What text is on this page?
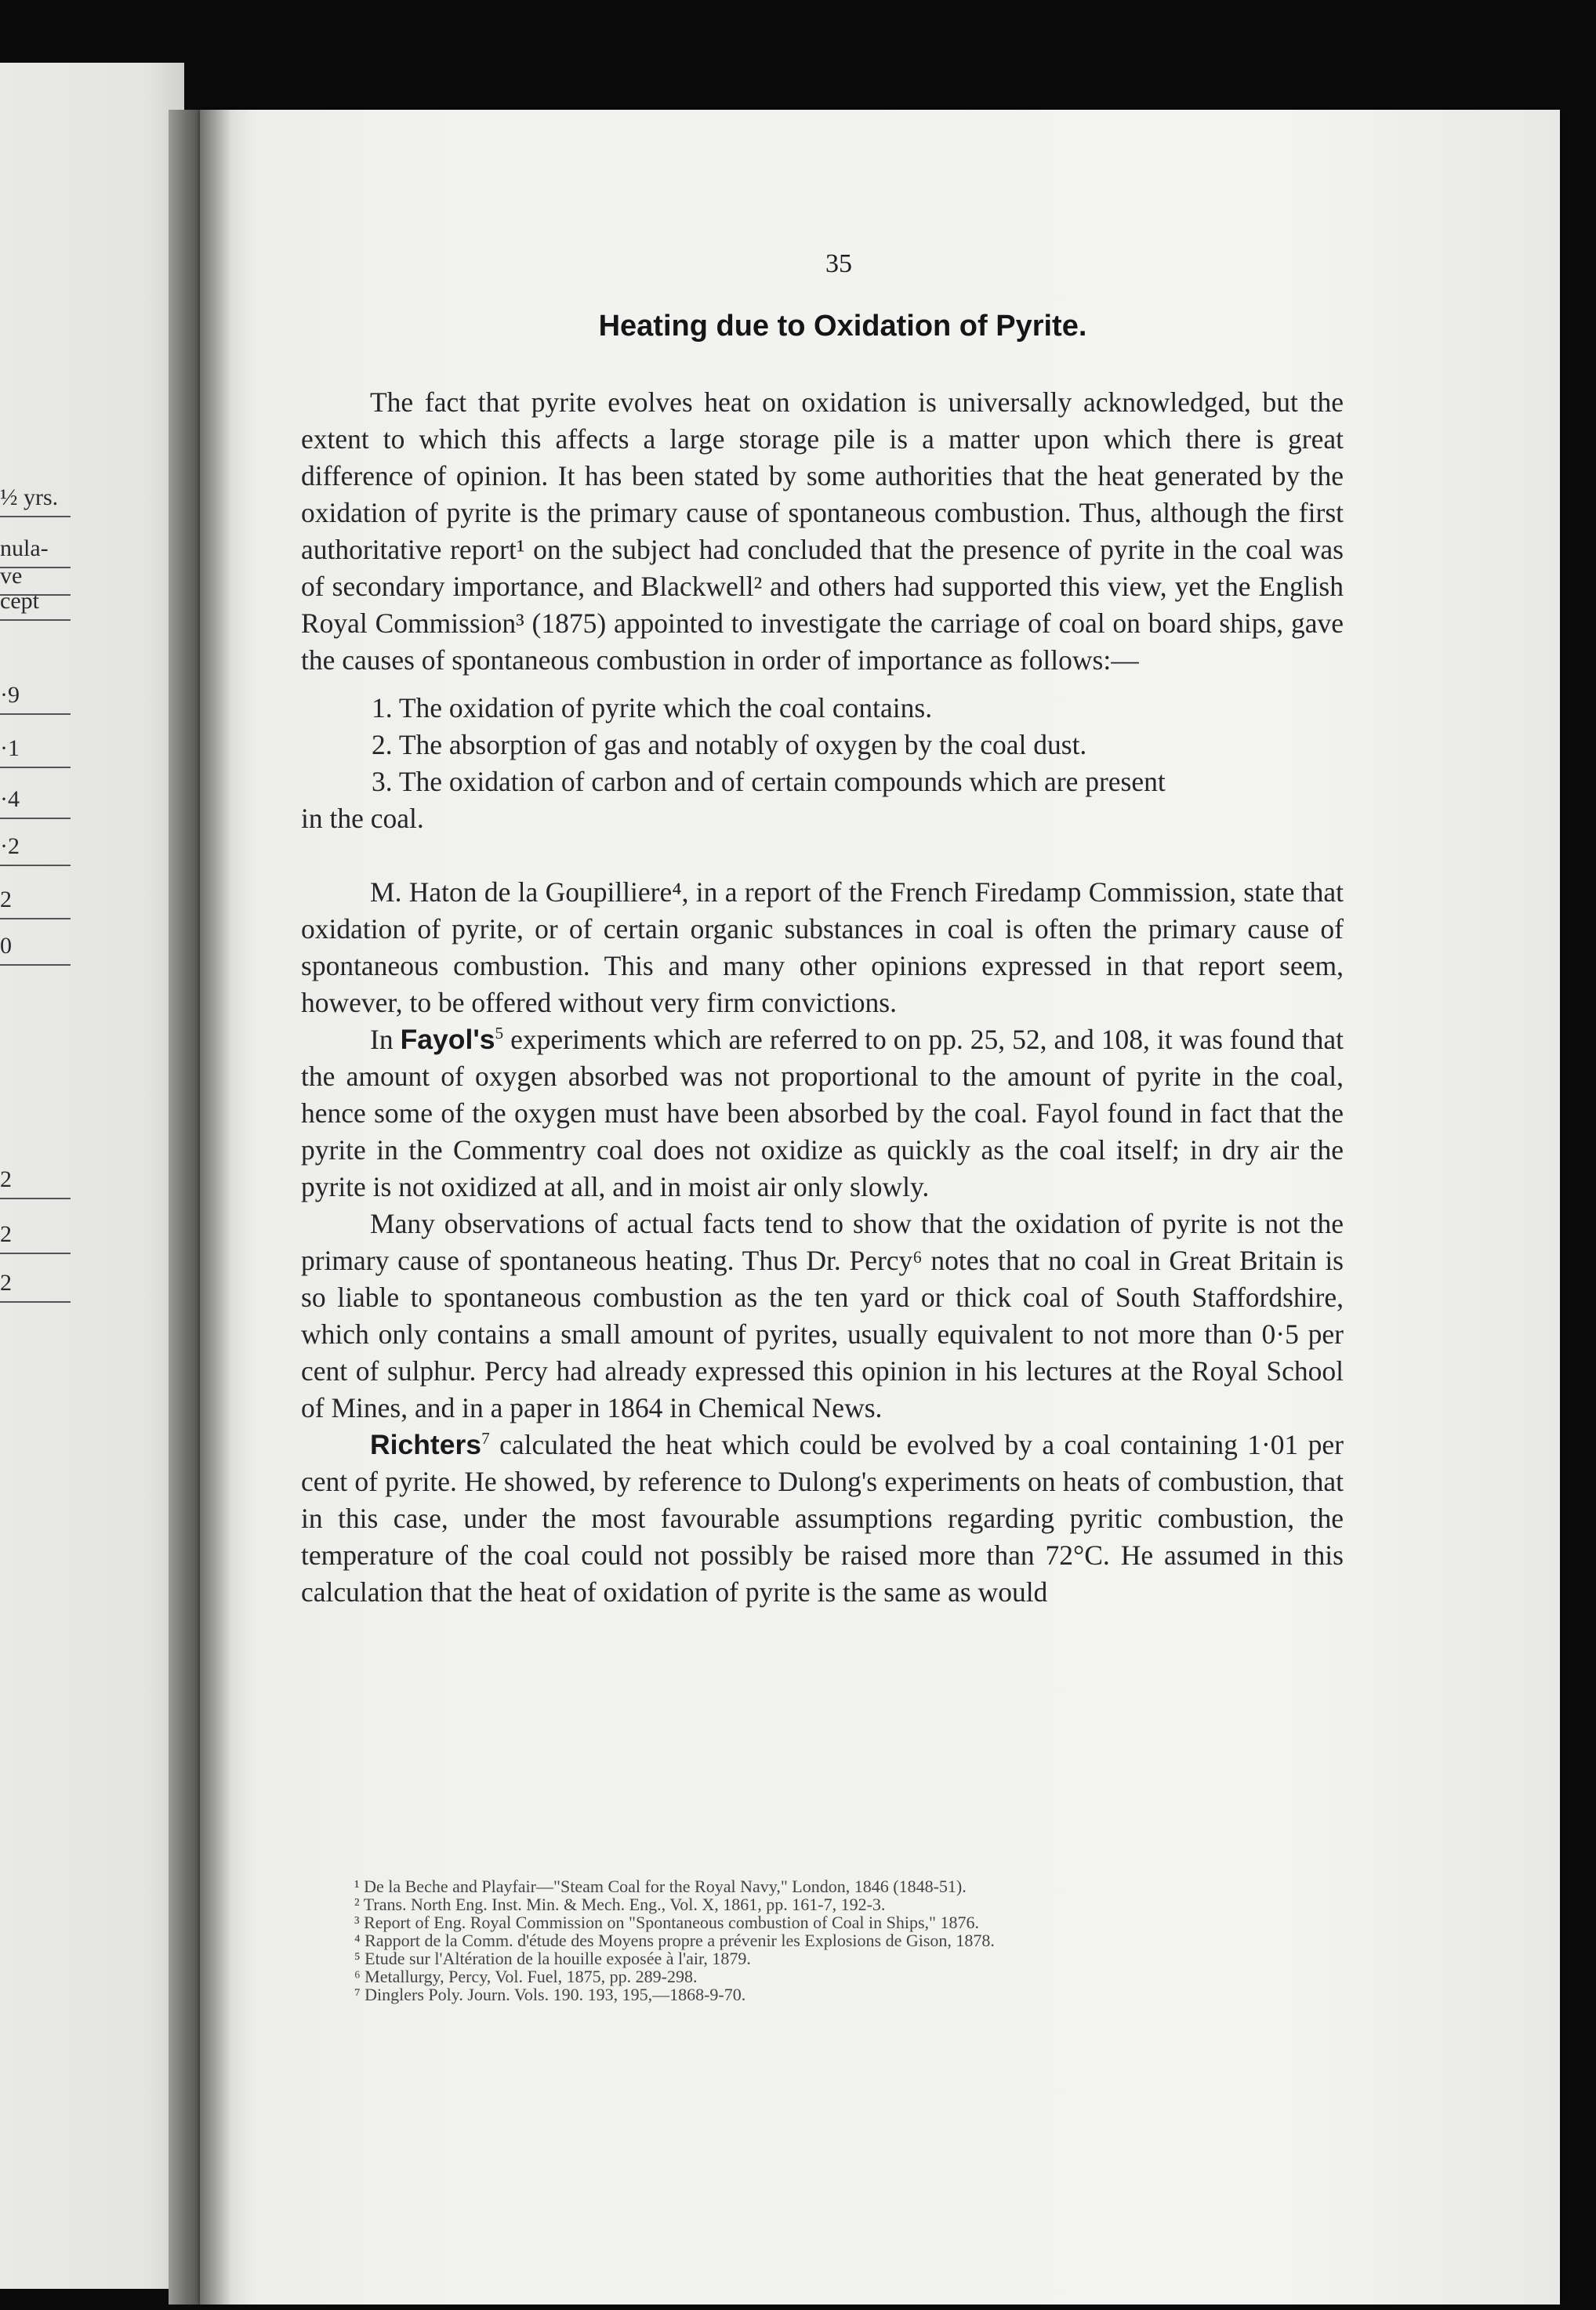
½ yrs.
nula-
ve
cept
·9
·1
·4
·2
2
0
2
2
2
35
Heating due to Oxidation of Pyrite.

The fact that pyrite evolves heat on oxidation is universally acknowledged, but the extent to which this affects a large storage pile is a matter upon which there is great difference of opinion. It has been stated by some authorities that the heat generated by the oxidation of pyrite is the primary cause of spontaneous combustion. Thus, although the first authoritative report¹ on the subject had concluded that the presence of pyrite in the coal was of secondary importance, and Blackwell² and others had supported this view, yet the English Royal Commission³ (1875) appointed to investigate the carriage of coal on board ships, gave the causes of spontaneous combustion in order of importance as follows:—

1. The oxidation of pyrite which the coal contains.

2. The absorption of gas and notably of oxygen by the coal dust.

3. The oxidation of carbon and of certain compounds which are present

in the coal.

M. Haton de la Goupilliere⁴, in a report of the French Firedamp Commission, state that oxidation of pyrite, or of certain organic substances in coal is often the primary cause of spontaneous combustion. This and many other opinions expressed in that report seem, however, to be offered without very firm convictions.

In $Fayol's^5$ experiments which are referred to on pp. 25, 52, and 108, it was found that the amount of oxygen absorbed was not proportional to the amount of pyrite in the coal, hence some of the oxygen must have been absorbed by the coal. Fayol found in fact that the pyrite in the Commentry coal does not oxidize as quickly as the coal itself; in dry air the pyrite is not oxidized at all, and in moist air only slowly.

Many observations of actual facts tend to show that the oxidation of pyrite is not the primary cause of spontaneous heating. Thus Dr. Percy⁶ notes that no coal in Great Britain is so liable to spontaneous combustion as the ten yard or thick coal of South Staffordshire, which only contains a small amount of pyrites, usually equivalent to not more than 0·5 per cent of sulphur. Percy had already expressed this opinion in his lectures at the Royal School of Mines, and in a paper in 1864 in Chemical News.

Richters$^7$ calculated the heat which could be evolved by a coal containing 1·01 per cent of pyrite. He showed, by reference to Dulong's experiments on heats of combustion, that in this case, under the most favourable assumptions regarding pyritic combustion, the temperature of the coal could not possibly be raised more than 72°C. He assumed in this calculation that the heat of oxidation of pyrite is the same as would

¹ De la Beche and Playfair—"Steam Coal for the Royal Navy," London, 1846 (1848-51).
² Trans. North Eng. Inst. Min. & Mech. Eng., Vol. X, 1861, pp. 161-7, 192-3.
³ Report of Eng. Royal Commission on "Spontaneous combustion of Coal in Ships," 1876.
⁴ Rapport de la Comm. d'étude des Moyens propre a prévenir les Explosions de Gison, 1878.
⁵ Etude sur l'Altération de la houille exposée à l'air, 1879.
⁶ Metallurgy, Percy, Vol. Fuel, 1875, pp. 289-298.
⁷ Dinglers Poly. Journ. Vols. 190. 193, 195,—1868-9-70.
